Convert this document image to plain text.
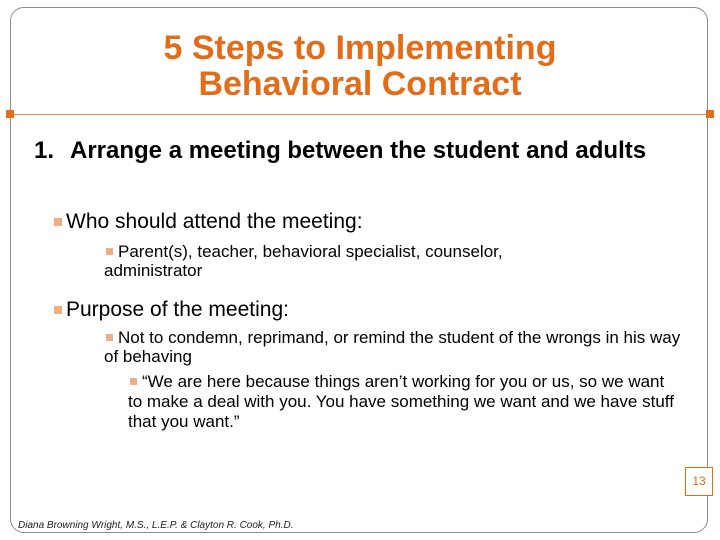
5 Steps to Implementing
Behavioral Contract
1. Arrange a meeting between the student and adults
Who should attend the meeting:
Parent(s), teacher, behavioral specialist, counselor, administrator
Purpose of the meeting:
Not to condemn, reprimand, or remind the student of the wrongs in his way of behaving
“We are here because things aren’t working for you or us, so we want to make a deal with you. You have something we want and we have stuff that you want.”
Diana Browning Wright, M.S., L.E.P. & Clayton R. Cook, Ph.D.
13
